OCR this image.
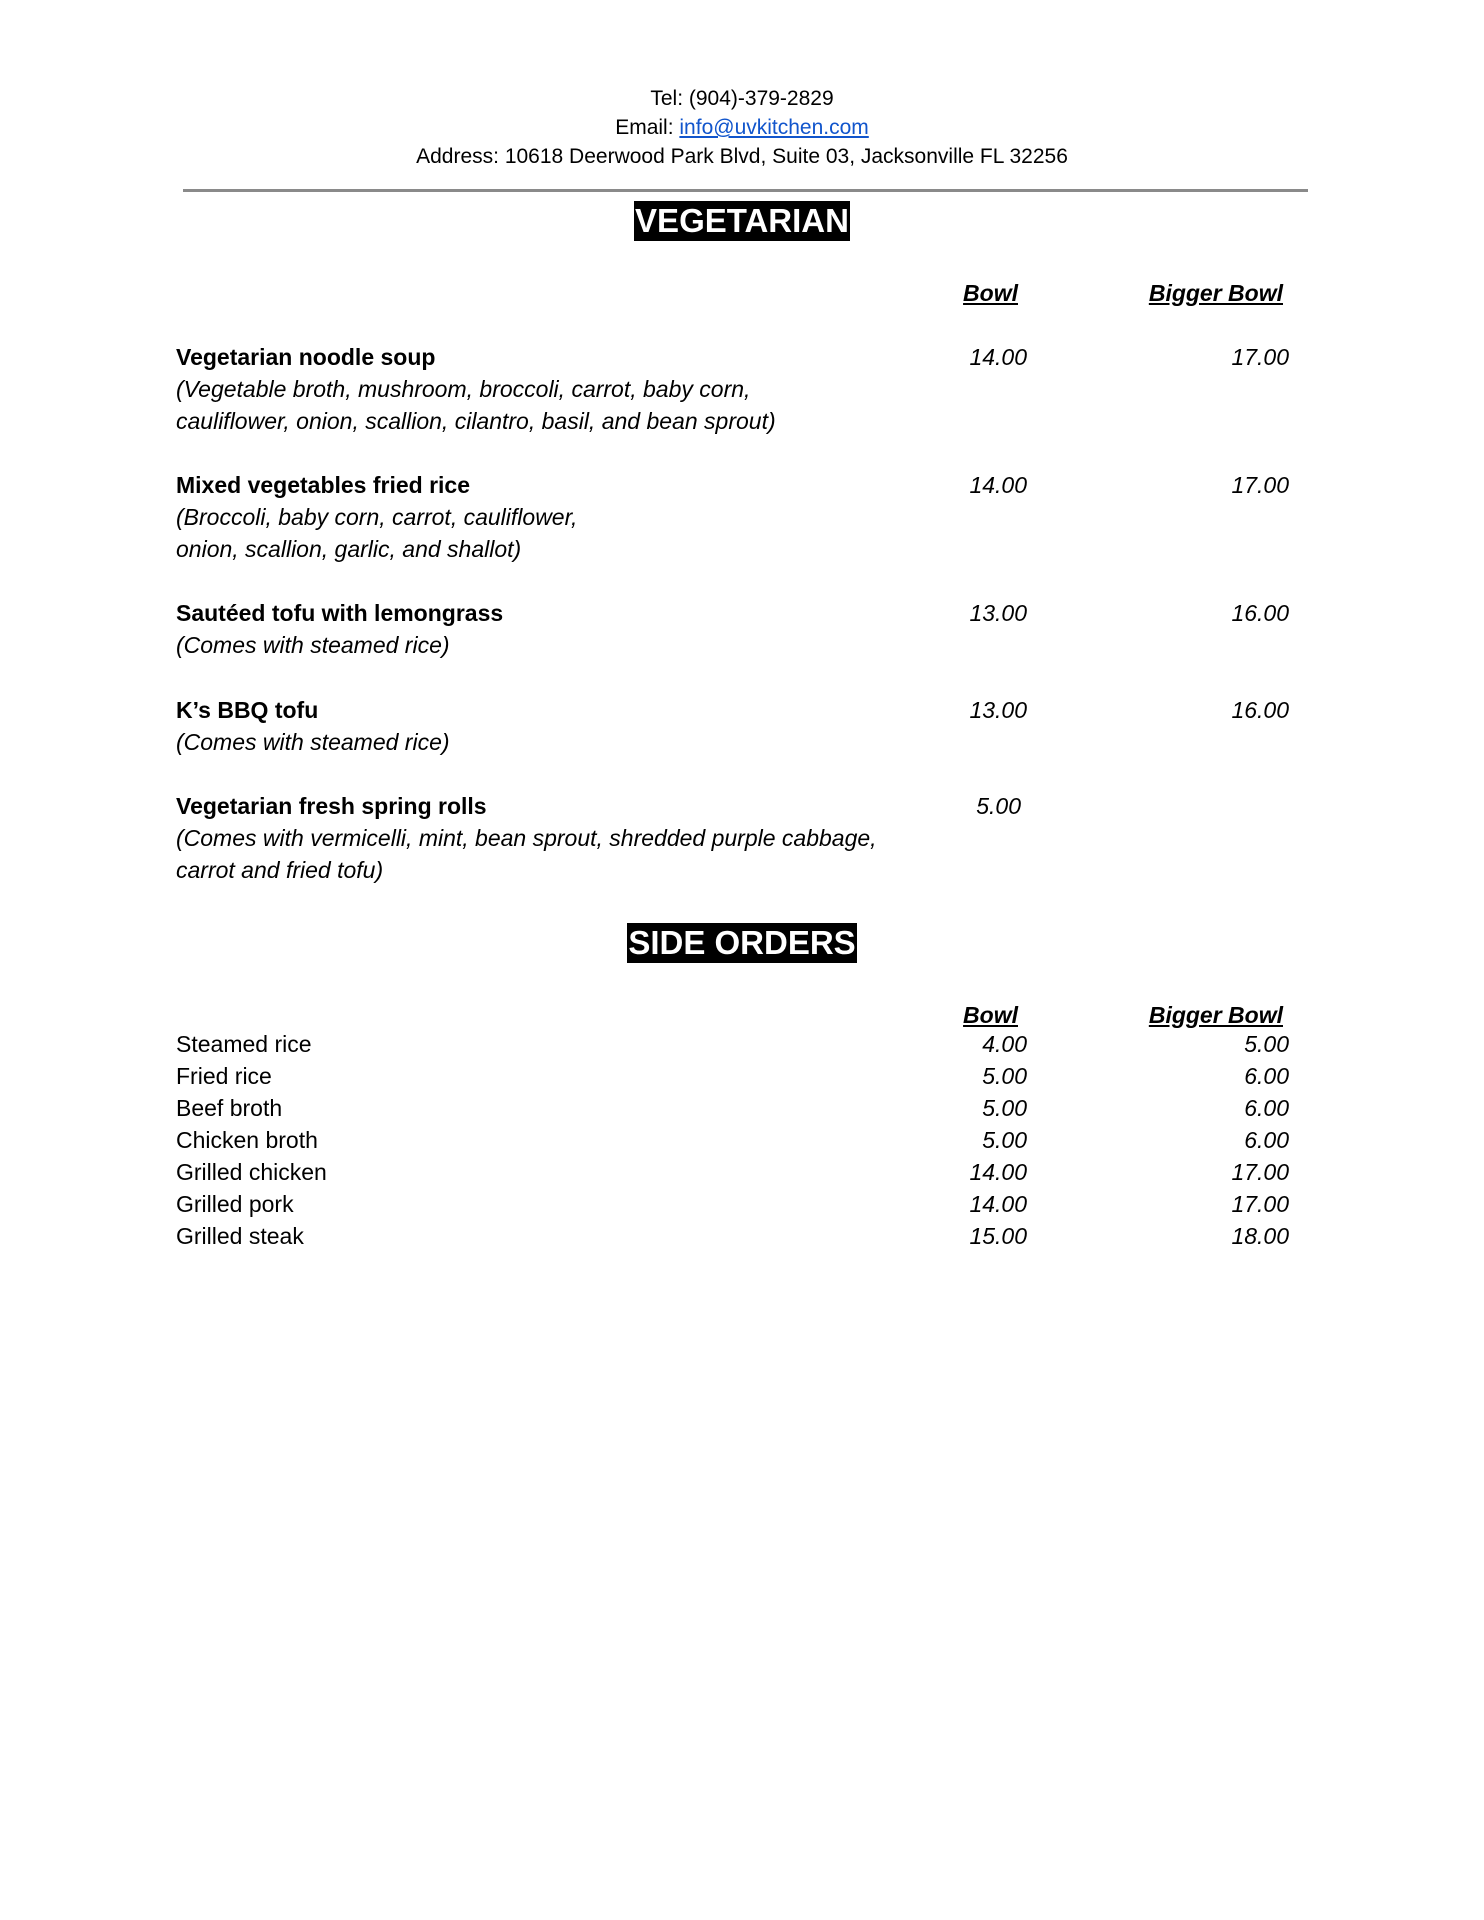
Tel: (904)-379-2829
Email: info@uvkitchen.com
Address: 10618 Deerwood Park Blvd, Suite 03, Jacksonville FL 32256
VEGETARIAN
Bowl	Bigger Bowl
Vegetarian noodle soup
(Vegetable broth, mushroom, broccoli, carrot, baby corn,
cauliflower, onion, scallion, cilantro, basil, and bean sprout)
14.00	17.00
Mixed vegetables fried rice
(Broccoli, baby corn, carrot, cauliflower,
onion, scallion, garlic, and shallot)
14.00	17.00
Sautéed tofu with lemongrass
(Comes with steamed rice)
13.00	16.00
K’s BBQ tofu
(Comes with steamed rice)
13.00	16.00
Vegetarian fresh spring rolls
(Comes with vermicelli, mint, bean sprout, shredded purple cabbage,
carrot and fried tofu)
5.00
SIDE ORDERS
Bowl	Bigger Bowl
Steamed rice	4.00	5.00
Fried rice	5.00	6.00
Beef broth	5.00	6.00
Chicken broth	5.00	6.00
Grilled chicken	14.00	17.00
Grilled pork	14.00	17.00
Grilled steak	15.00	18.00
